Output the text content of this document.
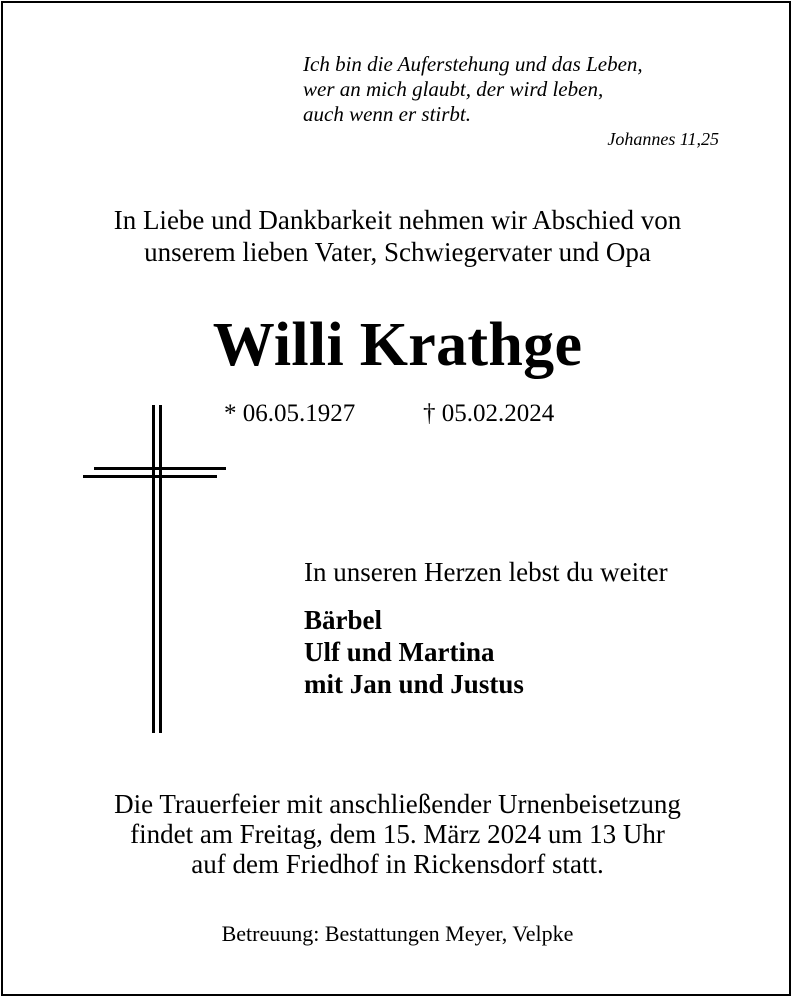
Ich bin die Auferstehung und das Leben,
wer an mich glaubt, der wird leben,
auch wenn er stirbt.
Johannes 11,25
In Liebe und Dankbarkeit nehmen wir Abschied von
unserem lieben Vater, Schwiegervater und Opa
Willi Krathge
* 06.05.1927	† 05.02.2024
In unseren Herzen lebst du weiter
Bärbel
Ulf und Martina
mit Jan und Justus
Die Trauerfeier mit anschließender Urnenbeisetzung
findet am Freitag, dem 15. März 2024 um 13 Uhr
auf dem Friedhof in Rickensdorf statt.
Betreuung: Bestattungen Meyer, Velpke
